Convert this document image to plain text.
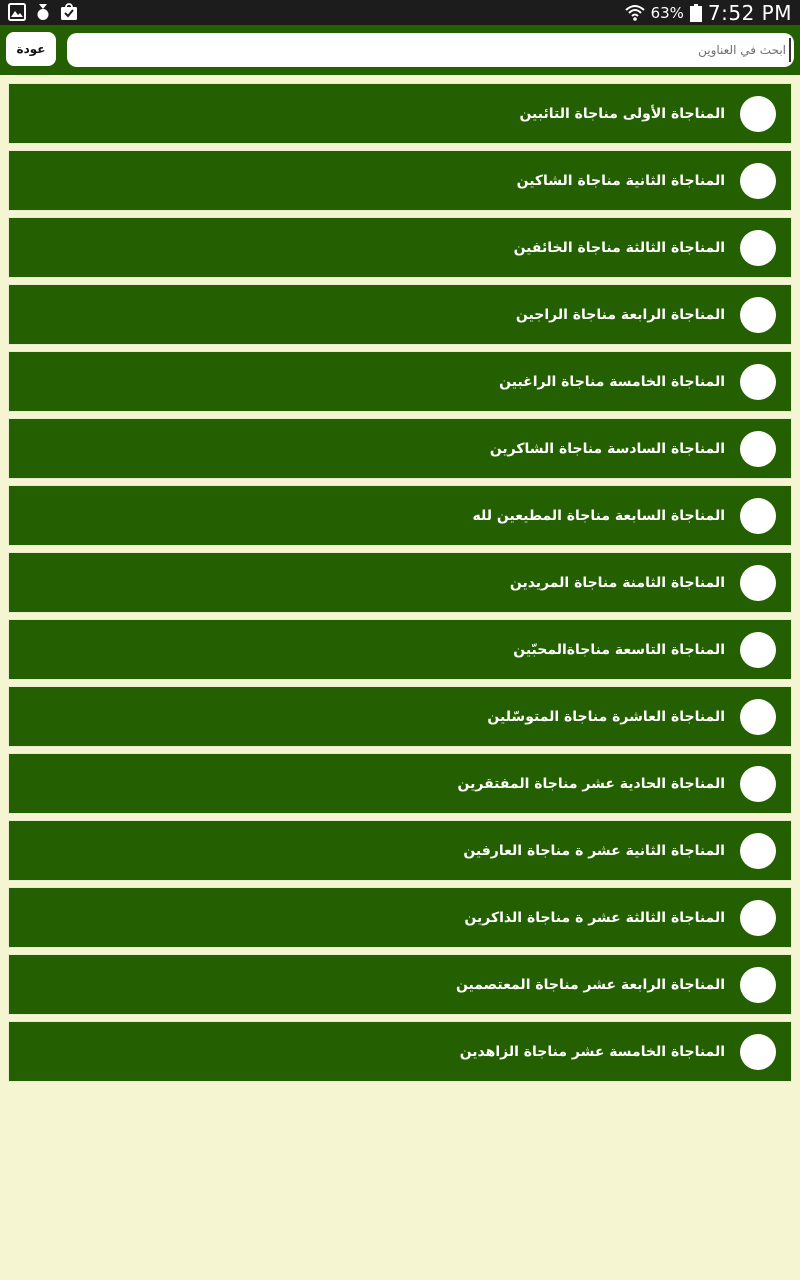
63% 7:52 PM
عودة
ابحث في العناوين
المناجاة الأولى مناجاة التائبين
المناجاة الثانية مناجاة الشاكين
المناجاة الثالثة مناجاة الخائفين
المناجاة الرابعة مناجاة الراجين
المناجاة الخامسة مناجاة الراغبين
المناجاة السادسة مناجاة الشاكرين
المناجاة السابعة مناجاة المطيعين لله
المناجاة الثامنة مناجاة المريدين
المناجاة التاسعة مناجاةالمحبّين
المناجاة العاشرة مناجاة المتوسّلين
المناجاة الحادية عشر مناجاة المفتقرين
المناجاة الثانية عشر ة مناجاة العارفين
المناجاة الثالثة عشر ة مناجاة الذاكرين
المناجاة الرابعة عشر مناجاة المعتصمين
المناجاة الخامسة عشر مناجاة الزاهدين
